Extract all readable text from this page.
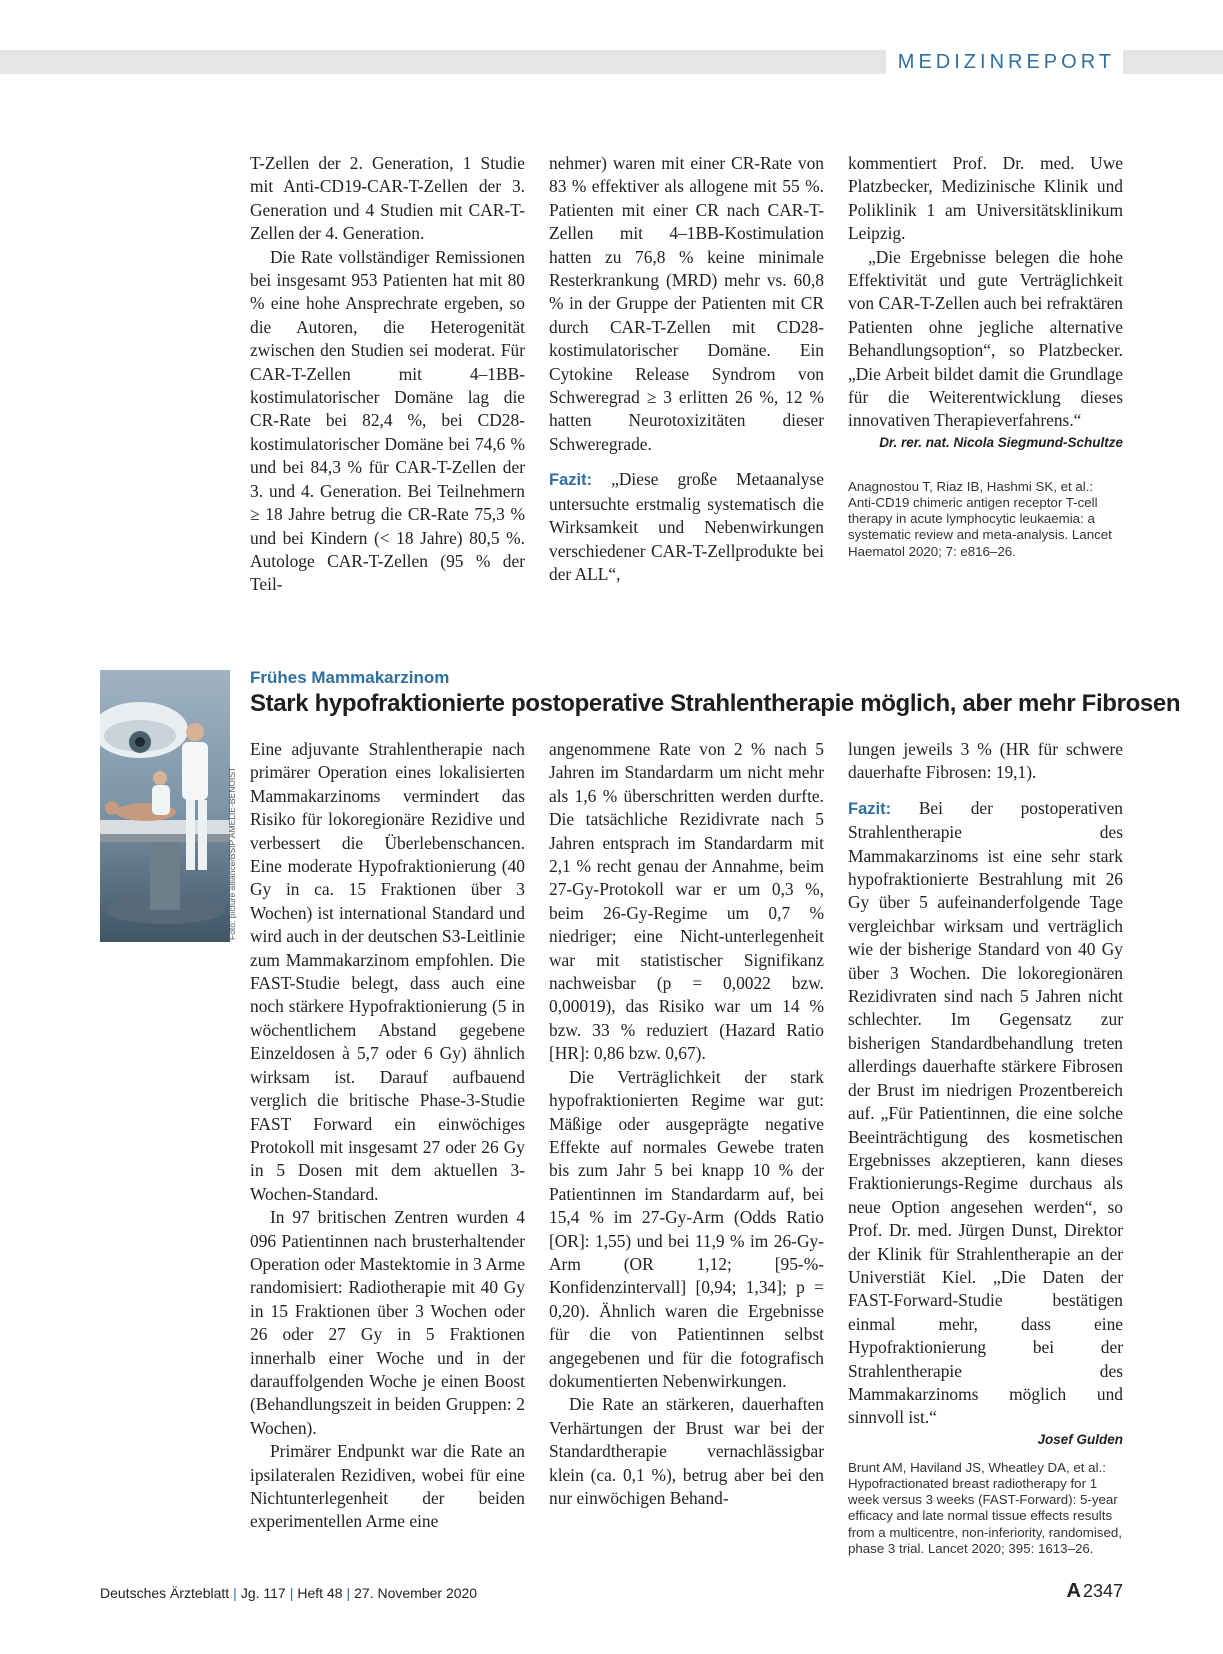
MEDIZINREPORT

T-Zellen der 2. Generation, 1 Studie mit Anti-CD19-CAR-T-Zellen der 3. Generation und 4 Studien mit CAR-T-Zellen der 4. Generation.

Die Rate vollständiger Remissionen bei insgesamt 953 Patienten hat mit 80 % eine hohe Ansprechrate ergeben, so die Autoren, die Heterogenität zwischen den Studien sei moderat. Für CAR-T-Zellen mit 4–1BB-kostimulatorischer Domäne lag die CR-Rate bei 82,4 %, bei CD28-kostimulatorischer Domäne bei 74,6 % und bei 84,3 % für CAR-T-Zellen der 3. und 4. Generation. Bei Teilnehmern ≥ 18 Jahre betrug die CR-Rate 75,3 % und bei Kindern (< 18 Jahre) 80,5 %. Autologe CAR-T-Zellen (95 % der Teil-

nehmer) waren mit einer CR-Rate von 83 % effektiver als allogene mit 55 %. Patienten mit einer CR nach CAR-T-Zellen mit 4–1BB-Kostimulation hatten zu 76,8 % keine minimale Resterkrankung (MRD) mehr vs. 60,8 % in der Gruppe der Patienten mit CR durch CAR-T-Zellen mit CD28-kostimulatorischer Domäne. Ein Cytokine Release Syndrom von Schweregrad ≥ 3 erlitten 26 %, 12 % hatten Neurotoxizitäten dieser Schweregrade.

Fazit: „Diese große Metaanalyse untersuchte erstmalig systematisch die Wirksamkeit und Nebenwirkungen verschiedener CAR-T-Zellprodukte bei der ALL“,

kommentiert Prof. Dr. med. Uwe Platzbecker, Medizinische Klinik und Poliklinik 1 am Universitätsklinikum Leipzig.

„Die Ergebnisse belegen die hohe Effektivität und gute Verträglichkeit von CAR-T-Zellen auch bei refraktären Patienten ohne jegliche alternative Behandlungsoption“, so Platzbecker. „Die Arbeit bildet damit die Grundlage für die Weiterentwicklung dieses innovativen Therapieverfahrens.“

Dr. rer. nat. Nicola Siegmund-Schultze
Anagnostou T, Riaz IB, Hashmi SK, et al.: Anti-CD19 chimeric antigen receptor T-cell therapy in acute lymphocytic leukaemia: a systematic review and meta-analysis. Lancet Haematol 2020; 7: e816–26.
Foto: picture alliance/BSIP AMELIE-BENOIST
Frühes Mammakarzinom
Stark hypofraktionierte postoperative Strahlentherapie möglich, aber mehr Fibrosen

Eine adjuvante Strahlentherapie nach primärer Operation eines lokalisierten Mammakarzinoms vermindert das Risiko für lokoregionäre Rezidive und verbessert die Überlebenschancen. Eine moderate Hypofraktionierung (40 Gy in ca. 15 Fraktionen über 3 Wochen) ist international Standard und wird auch in der deutschen S3-Leitlinie zum Mammakarzinom empfohlen. Die FAST-Studie belegt, dass auch eine noch stärkere Hypofraktionierung (5 in wöchentlichem Abstand gegebene Einzeldosen à 5,7 oder 6 Gy) ähnlich wirksam ist. Darauf aufbauend verglich die britische Phase-3-Studie FAST Forward ein einwöchiges Protokoll mit insgesamt 27 oder 26 Gy in 5 Dosen mit dem aktuellen 3-Wochen-Standard.

In 97 britischen Zentren wurden 4 096 Patientinnen nach brusterhaltender Operation oder Mastektomie in 3 Arme randomisiert: Radiotherapie mit 40 Gy in 15 Fraktionen über 3 Wochen oder 26 oder 27 Gy in 5 Fraktionen innerhalb einer Woche und in der darauffolgenden Woche je einen Boost (Behandlungszeit in beiden Gruppen: 2 Wochen).

Primärer Endpunkt war die Rate an ipsilateralen Rezidiven, wobei für eine Nichtunterlegenheit der beiden experimentellen Arme eine

angenommene Rate von 2 % nach 5 Jahren im Standardarm um nicht mehr als 1,6 % überschritten werden durfte. Die tatsächliche Rezidivrate nach 5 Jahren entsprach im Standardarm mit 2,1 % recht genau der Annahme, beim 27-Gy-Protokoll war er um 0,3 %, beim 26-Gy-Regime um 0,7 % niedriger; eine Nicht-unterlegenheit war mit statistischer Signifikanz nachweisbar (p = 0,0022 bzw. 0,00019), das Risiko war um 14 % bzw. 33 % reduziert (Hazard Ratio [HR]: 0,86 bzw. 0,67).

Die Verträglichkeit der stark hypofraktionierten Regime war gut: Mäßige oder ausgeprägte negative Effekte auf normales Gewebe traten bis zum Jahr 5 bei knapp 10 % der Patientinnen im Standardarm auf, bei 15,4 % im 27-Gy-Arm (Odds Ratio [OR]: 1,55) und bei 11,9 % im 26-Gy-Arm (OR 1,12; [95-%-Konfidenzintervall] [0,94; 1,34]; p = 0,20). Ähnlich waren die Ergebnisse für die von Patientinnen selbst angegebenen und für die fotografisch dokumentierten Nebenwirkungen.

Die Rate an stärkeren, dauerhaften Verhärtungen der Brust war bei der Standardtherapie vernachlässigbar klein (ca. 0,1 %), betrug aber bei den nur einwöchigen Behand-

lungen jeweils 3 % (HR für schwere dauerhafte Fibrosen: 19,1).

Fazit: Bei der postoperativen Strahlentherapie des Mammakarzinoms ist eine sehr stark hypofraktionierte Bestrahlung mit 26 Gy über 5 aufeinanderfolgende Tage vergleichbar wirksam und verträglich wie der bisherige Standard von 40 Gy über 3 Wochen. Die lokoregionären Rezidivraten sind nach 5 Jahren nicht schlechter. Im Gegensatz zur bisherigen Standardbehandlung treten allerdings dauerhafte stärkere Fibrosen der Brust im niedrigen Prozentbereich auf. „Für Patientinnen, die eine solche Beeinträchtigung des kosmetischen Ergebnisses akzeptieren, kann dieses Fraktionierungs-Regime durchaus als neue Option angesehen werden“, so Prof. Dr. med. Jürgen Dunst, Direktor der Klinik für Strahlentherapie an der Universtiät Kiel. „Die Daten der FAST-Forward-Studie bestätigen einmal mehr, dass eine Hypofraktionierung bei der Strahlentherapie des Mammakarzinoms möglich und sinnvoll ist.“

Josef Gulden
Brunt AM, Haviland JS, Wheatley DA, et al.: Hypofractionated breast radiotherapy for 1 week versus 3 weeks (FAST-Forward): 5-year efficacy and late normal tissue effects results from a multicentre, non-inferiority, randomised, phase 3 trial. Lancet 2020; 395: 1613–26.
Deutsches Ärzteblatt | Jg. 117 | Heft 48 | 27. November 2020	A 2347
